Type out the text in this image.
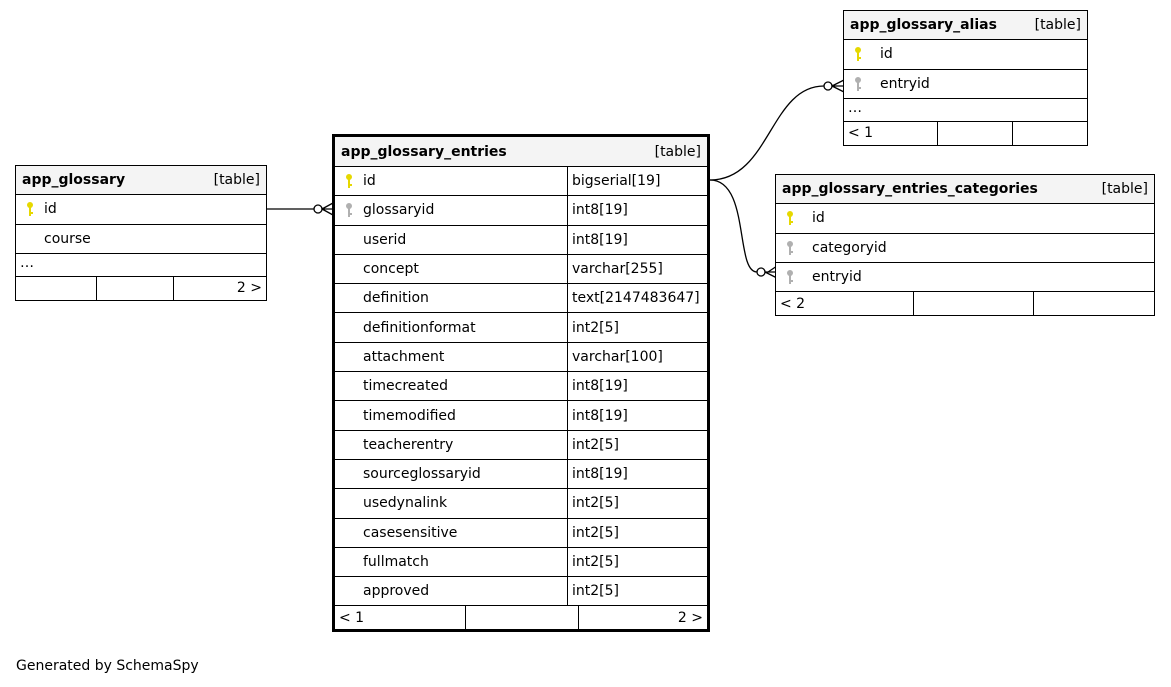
app_glossary	[table]
id
course
…
2 >
app_glossary_entries	[table]
id	bigserial[19]
glossaryid	int8[19]
userid	int8[19]
concept	varchar[255]
definition	text[2147483647]
definitionformat	int2[5]
attachment	varchar[100]
timecreated	int8[19]
timemodified	int8[19]
teacherentry	int2[5]
sourceglossaryid	int8[19]
usedynalink	int2[5]
casesensitive	int2[5]
fullmatch	int2[5]
approved	int2[5]
< 1	2 >
app_glossary_alias	[table]
id
entryid
…
< 1
app_glossary_entries_categories	[table]
id
categoryid
entryid
< 2
Generated by SchemaSpy
